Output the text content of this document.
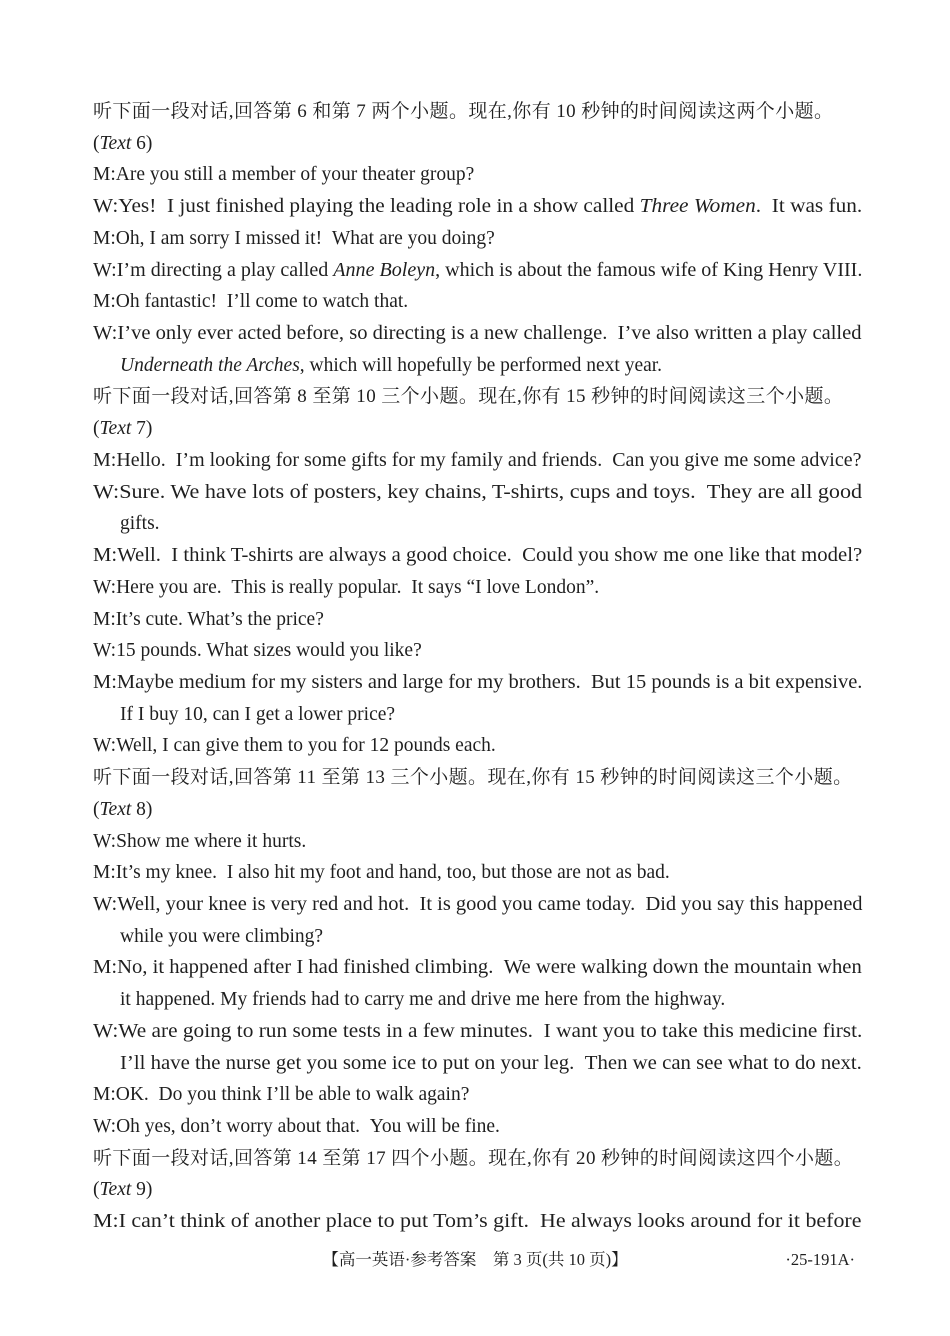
听下面一段对话,回答第 6 和第 7 两个小题。现在,你有 10 秒钟的时间阅读这两个小题。

(Text 6)

M:Are you still a member of your theater group?

W:Yes! I just finished playing the leading role in a show called Three Women. It was fun.

M:Oh, I am sorry I missed it! What are you doing?

W:I’m directing a play called Anne Boleyn, which is about the famous wife of King Henry VIII.

M:Oh fantastic! I’ll come to watch that.

W:I’ve only ever acted before, so directing is a new challenge. I’ve also written a play called

Underneath the Arches, which will hopefully be performed next year.

听下面一段对话,回答第 8 至第 10 三个小题。现在,你有 15 秒钟的时间阅读这三个小题。

(Text 7)

M:Hello. I’m looking for some gifts for my family and friends. Can you give me some advice?

W:Sure. We have lots of posters, key chains, T-shirts, cups and toys. They are all good

gifts.

M:Well. I think T-shirts are always a good choice. Could you show me one like that model?

W:Here you are. This is really popular. It says “I love London”.

M:It’s cute. What’s the price?

W:15 pounds. What sizes would you like?

M:Maybe medium for my sisters and large for my brothers. But 15 pounds is a bit expensive.

If I buy 10, can I get a lower price?

W:Well, I can give them to you for 12 pounds each.

听下面一段对话,回答第 11 至第 13 三个小题。现在,你有 15 秒钟的时间阅读这三个小题。

(Text 8)

W:Show me where it hurts.

M:It’s my knee. I also hit my foot and hand, too, but those are not as bad.

W:Well, your knee is very red and hot. It is good you came today. Did you say this happened

while you were climbing?

M:No, it happened after I had finished climbing. We were walking down the mountain when

it happened. My friends had to carry me and drive me here from the highway.

W:We are going to run some tests in a few minutes. I want you to take this medicine first.

I’ll have the nurse get you some ice to put on your leg. Then we can see what to do next.

M:OK. Do you think I’ll be able to walk again?

W:Oh yes, don’t worry about that. You will be fine.

听下面一段对话,回答第 14 至第 17 四个小题。现在,你有 20 秒钟的时间阅读这四个小题。

(Text 9)

M:I can’t think of another place to put Tom’s gift. He always looks around for it before

【高一英语·参考答案 第 3 页(共 10 页)】	·25-191A·
